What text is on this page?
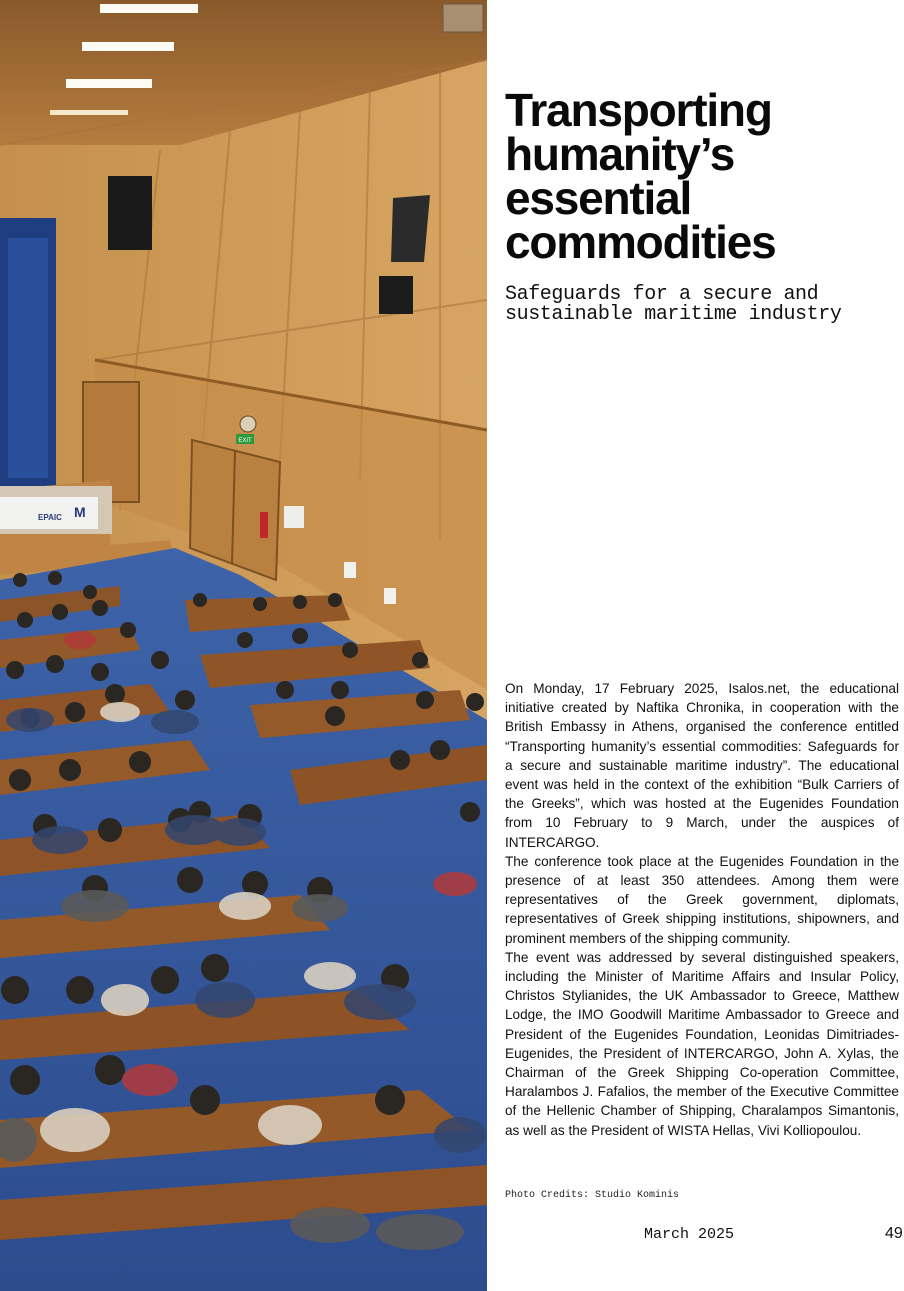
EXIT
EPAIC M
Transporting
humanity’s
essential
commodities
Safeguards for a secure and
sustainable maritime industry

On Monday, 17 February 2025, Isalos.net, the educational initiative created by Naftika Chronika, in cooperation with the British Embassy in Athens, organised the conference entitled “Transporting humanity’s essential commodities: Safeguards for a secure and sustainable maritime industry”. The educational event was held in the context of the exhibition “Bulk Carriers of the Greeks”, which was hosted at the Eugenides Foundation from 10 February to 9 March, under the auspices of INTERCARGO.

The conference took place at the Eugenides Foundation in the presence of at least 350 attendees. Among them were representatives of the Greek government, diplomats, representatives of Greek shipping institutions, shipowners, and prominent members of the shipping community.

The event was addressed by several distinguished speakers, including the Minister of Maritime Affairs and Insular Policy, Christos Stylianides, the UK Ambassador to Greece, Matthew Lodge, the IMO Goodwill Maritime Ambassador to Greece and President of the Eugenides Foundation, Leonidas Dimitriades-Eugenides, the President of INTERCARGO, John A. Xylas, the Chairman of the Greek Shipping Co-operation Committee, Haralambos J. Fafalios, the member of the Executive Committee of the Hellenic Chamber of Shipping, Charalampos Simantonis, as well as the President of WISTA Hellas, Vivi Kolliopoulou.

Photo Credits: Studio Kominis
March 2025	49
